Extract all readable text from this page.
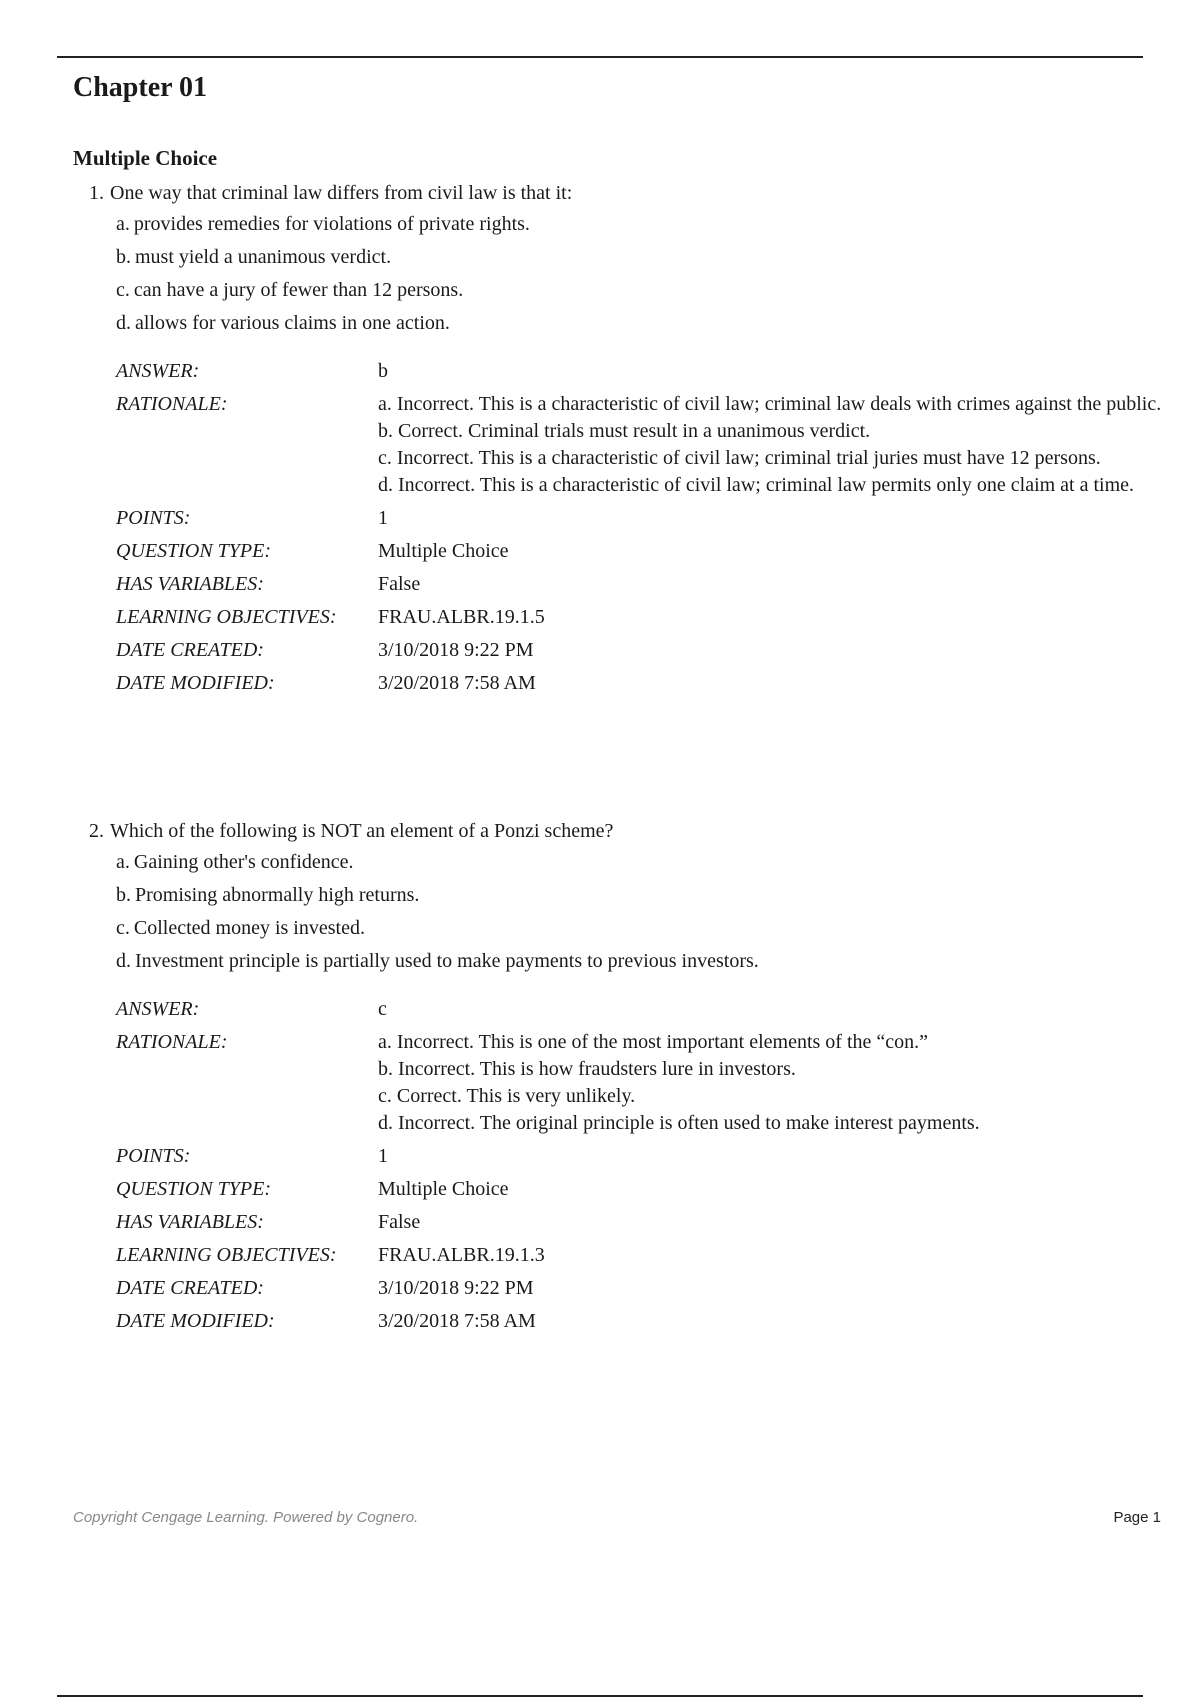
Chapter 01
Multiple Choice
1. One way that criminal law differs from civil law is that it:
a. provides remedies for violations of private rights.
b. must yield a unanimous verdict.
c. can have a jury of fewer than 12 persons.
d. allows for various claims in one action.
ANSWER:	b
RATIONALE:	a. Incorrect. This is a characteristic of civil law; criminal law deals with crimes against the public.
b. Correct. Criminal trials must result in a unanimous verdict.
c. Incorrect. This is a characteristic of civil law; criminal trial juries must have 12 persons.
d. Incorrect. This is a characteristic of civil law; criminal law permits only one claim at a time.
POINTS:	1
QUESTION TYPE:	Multiple Choice
HAS VARIABLES:	False
LEARNING OBJECTIVES: FRAU.ALBR.19.1.5
DATE CREATED:	3/10/2018 9:22 PM
DATE MODIFIED:	3/20/2018 7:58 AM
2. Which of the following is NOT an element of a Ponzi scheme?
a. Gaining other's confidence.
b. Promising abnormally high returns.
c. Collected money is invested.
d. Investment principle is partially used to make payments to previous investors.
ANSWER:	c
RATIONALE:	a. Incorrect. This is one of the most important elements of the “con.”
b. Incorrect. This is how fraudsters lure in investors.
c. Correct. This is very unlikely.
d. Incorrect. The original principle is often used to make interest payments.
POINTS:	1
QUESTION TYPE:	Multiple Choice
HAS VARIABLES:	False
LEARNING OBJECTIVES: FRAU.ALBR.19.1.3
DATE CREATED:	3/10/2018 9:22 PM
DATE MODIFIED:	3/20/2018 7:58 AM
Copyright Cengage Learning. Powered by Cognero.	Page 1
